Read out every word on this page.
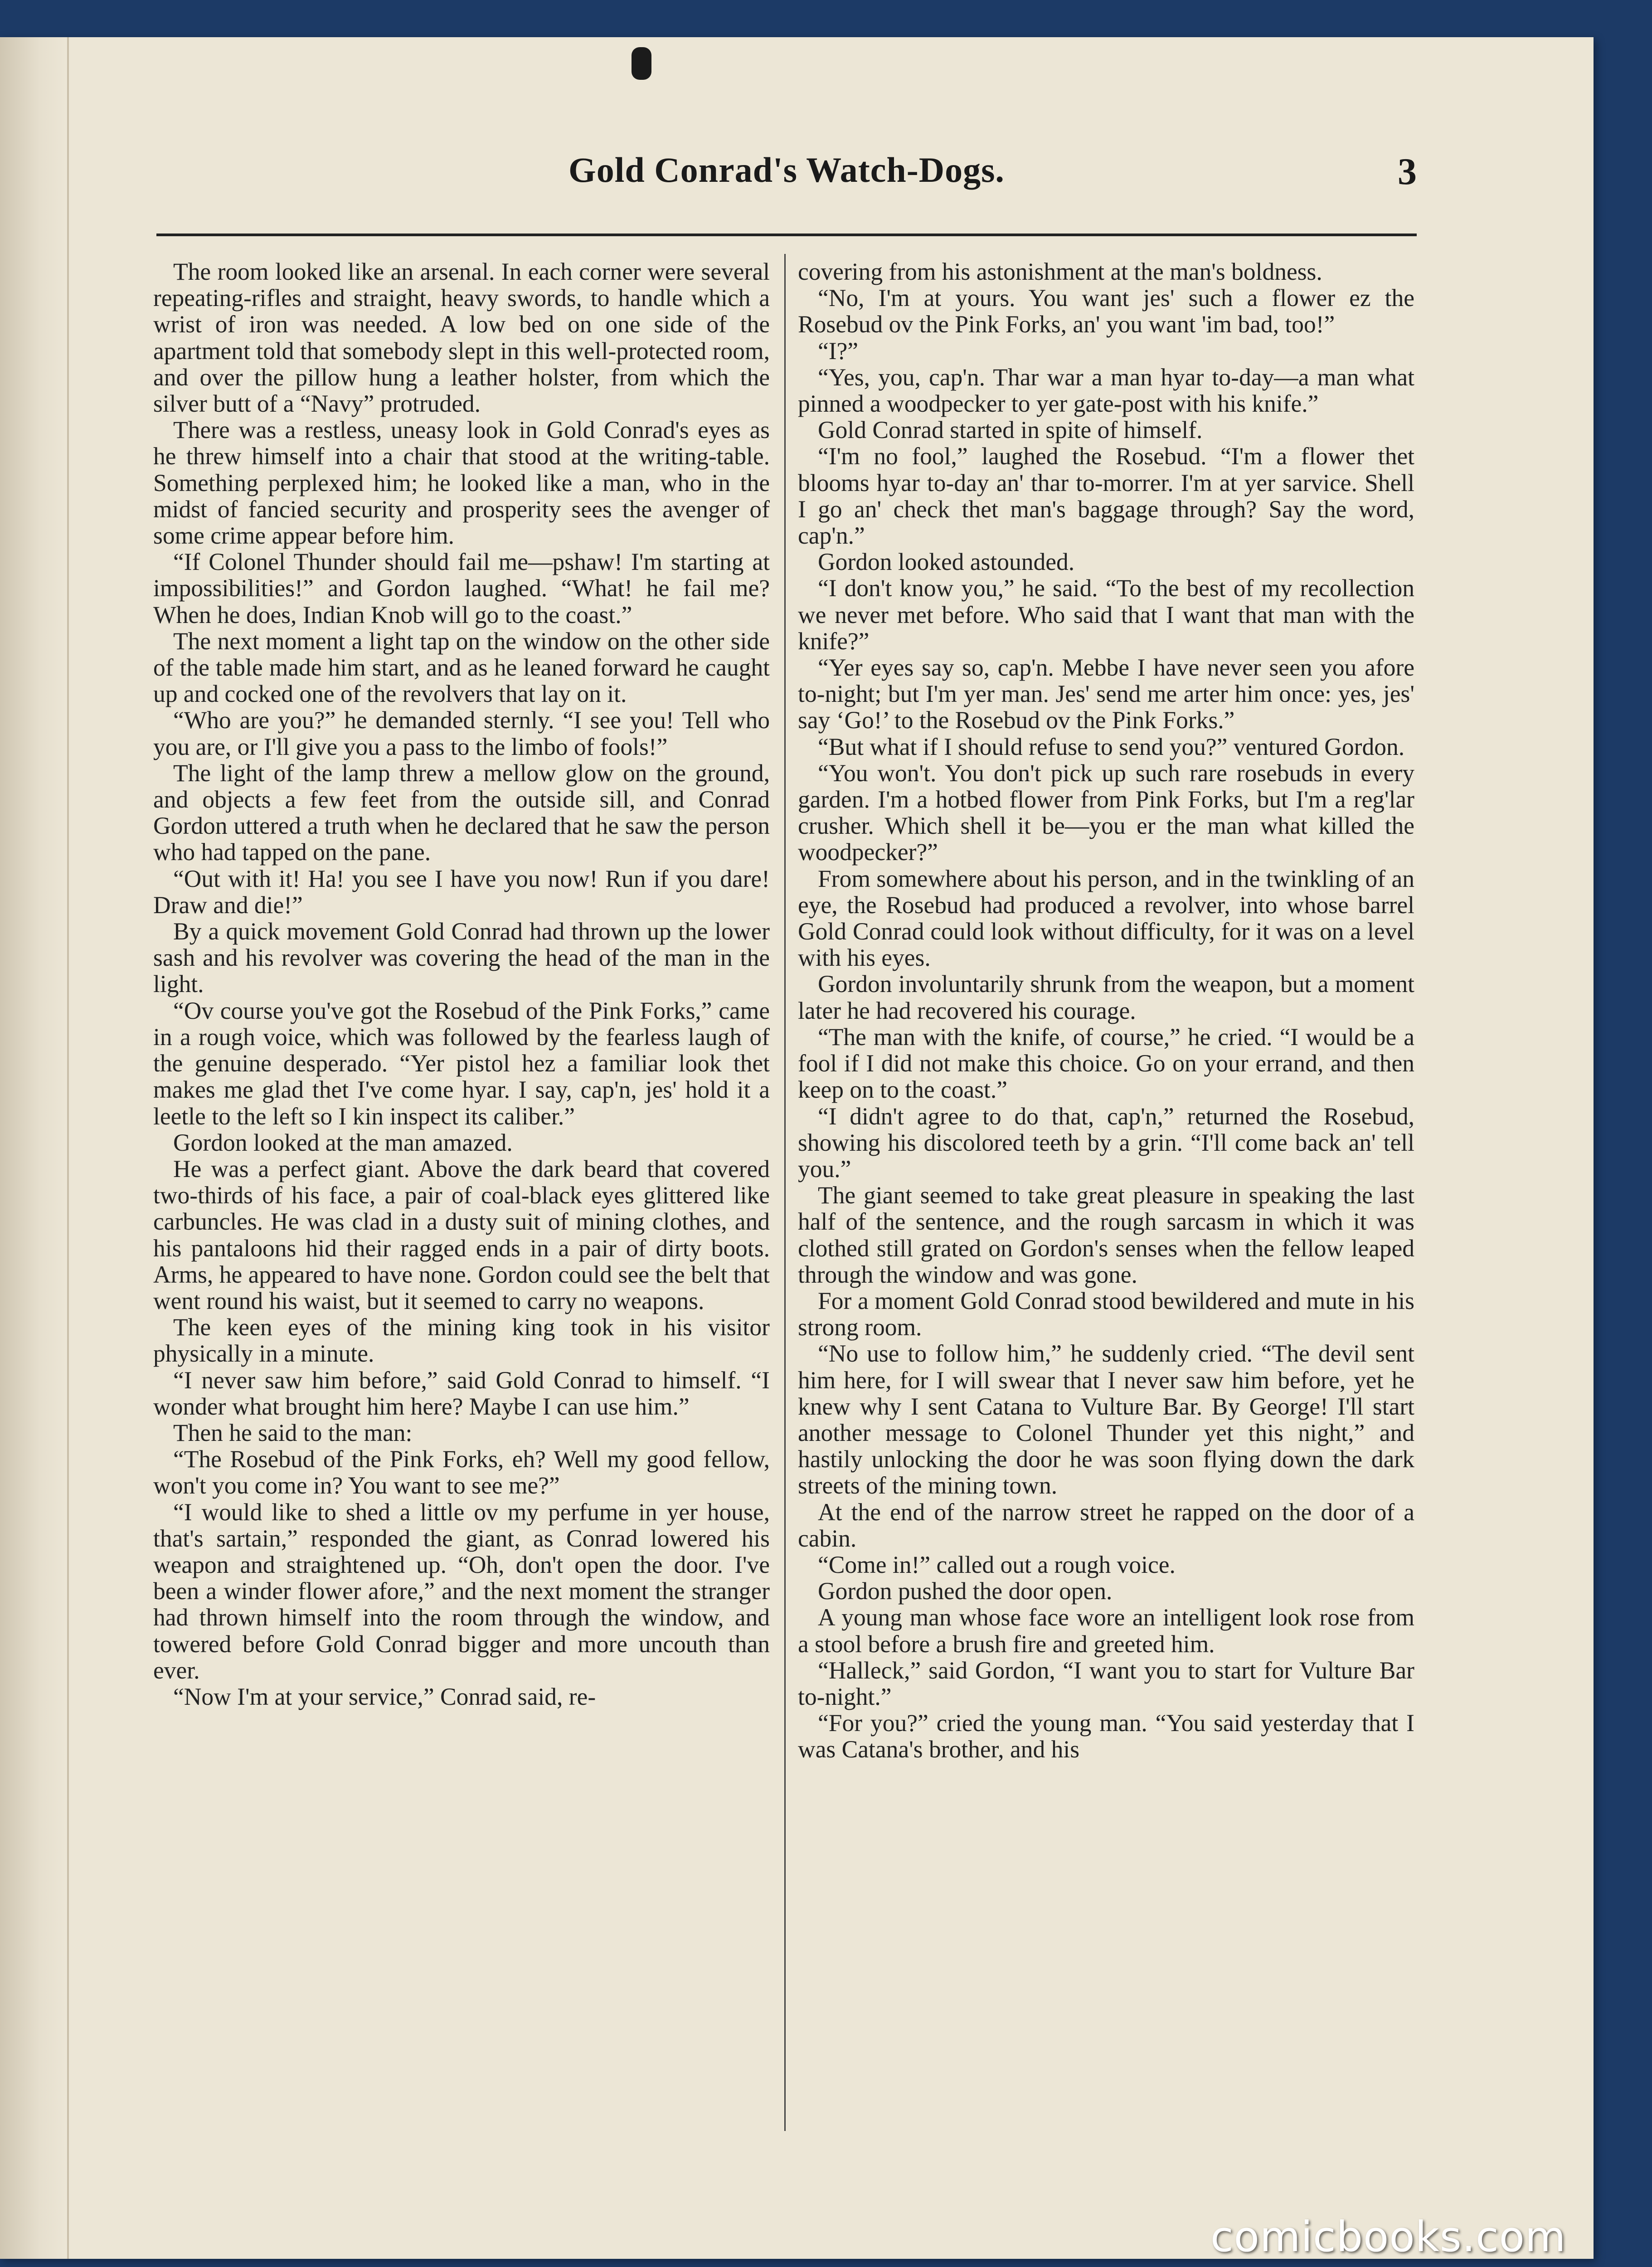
Gold Conrad's Watch-Dogs.	3

The room looked like an arsenal. In each corner were several repeating-rifles and straight, heavy swords, to handle which a wrist of iron was needed. A low bed on one side of the apartment told that somebody slept in this well-protected room, and over the pillow hung a leather holster, from which the silver butt of a “Navy” protruded.

There was a restless, uneasy look in Gold Conrad's eyes as he threw himself into a chair that stood at the writing-table. Something perplexed him; he looked like a man, who in the midst of fancied security and prosperity sees the avenger of some crime appear before him.

“If Colonel Thunder should fail me—pshaw! I'm starting at impossibilities!” and Gordon laughed. “What! he fail me? When he does, Indian Knob will go to the coast.”

The next moment a light tap on the window on the other side of the table made him start, and as he leaned forward he caught up and cocked one of the revolvers that lay on it.

“Who are you?” he demanded sternly. “I see you! Tell who you are, or I'll give you a pass to the limbo of fools!”

The light of the lamp threw a mellow glow on the ground, and objects a few feet from the outside sill, and Conrad Gordon uttered a truth when he declared that he saw the person who had tapped on the pane.

“Out with it! Ha! you see I have you now! Run if you dare! Draw and die!”

By a quick movement Gold Conrad had thrown up the lower sash and his revolver was covering the head of the man in the light.

“Ov course you've got the Rosebud of the Pink Forks,” came in a rough voice, which was followed by the fearless laugh of the genuine desperado. “Yer pistol hez a familiar look thet makes me glad thet I've come hyar. I say, cap'n, jes' hold it a leetle to the left so I kin inspect its caliber.”

Gordon looked at the man amazed.

He was a perfect giant. Above the dark beard that covered two-thirds of his face, a pair of coal-black eyes glittered like carbuncles. He was clad in a dusty suit of mining clothes, and his pantaloons hid their ragged ends in a pair of dirty boots. Arms, he appeared to have none. Gordon could see the belt that went round his waist, but it seemed to carry no weapons.

The keen eyes of the mining king took in his visitor physically in a minute.

“I never saw him before,” said Gold Conrad to himself. “I wonder what brought him here? Maybe I can use him.”

Then he said to the man:

“The Rosebud of the Pink Forks, eh? Well my good fellow, won't you come in? You want to see me?”

“I would like to shed a little ov my perfume in yer house, that's sartain,” responded the giant, as Conrad lowered his weapon and straightened up. “Oh, don't open the door. I've been a winder flower afore,” and the next moment the stranger had thrown himself into the room through the window, and towered before Gold Conrad bigger and more uncouth than ever.

“Now I'm at your service,” Conrad said, re-

covering from his astonishment at the man's boldness.

“No, I'm at yours. You want jes' such a flower ez the Rosebud ov the Pink Forks, an' you want 'im bad, too!”

“I?”

“Yes, you, cap'n. Thar war a man hyar to-day—a man what pinned a woodpecker to yer gate-post with his knife.”

Gold Conrad started in spite of himself.

“I'm no fool,” laughed the Rosebud. “I'm a flower thet blooms hyar to-day an' thar to-morrer. I'm at yer sarvice. Shell I go an' check thet man's baggage through? Say the word, cap'n.”

Gordon looked astounded.

“I don't know you,” he said. “To the best of my recollection we never met before. Who said that I want that man with the knife?”

“Yer eyes say so, cap'n. Mebbe I have never seen you afore to-night; but I'm yer man. Jes' send me arter him once: yes, jes' say ‘Go!’ to the Rosebud ov the Pink Forks.”

“But what if I should refuse to send you?” ventured Gordon.

“You won't. You don't pick up such rare rosebuds in every garden. I'm a hotbed flower from Pink Forks, but I'm a reg'lar crusher. Which shell it be—you er the man what killed the woodpecker?”

From somewhere about his person, and in the twinkling of an eye, the Rosebud had produced a revolver, into whose barrel Gold Conrad could look without difficulty, for it was on a level with his eyes.

Gordon involuntarily shrunk from the weapon, but a moment later he had recovered his courage.

“The man with the knife, of course,” he cried. “I would be a fool if I did not make this choice. Go on your errand, and then keep on to the coast.”

“I didn't agree to do that, cap'n,” returned the Rosebud, showing his discolored teeth by a grin. “I'll come back an' tell you.”

The giant seemed to take great pleasure in speaking the last half of the sentence, and the rough sarcasm in which it was clothed still grated on Gordon's senses when the fellow leaped through the window and was gone.

For a moment Gold Conrad stood bewildered and mute in his strong room.

“No use to follow him,” he suddenly cried. “The devil sent him here, for I will swear that I never saw him before, yet he knew why I sent Catana to Vulture Bar. By George! I'll start another message to Colonel Thunder yet this night,” and hastily unlocking the door he was soon flying down the dark streets of the mining town.

At the end of the narrow street he rapped on the door of a cabin.

“Come in!” called out a rough voice.

Gordon pushed the door open.

A young man whose face wore an intelligent look rose from a stool before a brush fire and greeted him.

“Halleck,” said Gordon, “I want you to start for Vulture Bar to-night.”

“For you?” cried the young man. “You said yesterday that I was Catana's brother, and his

comicbooks.com
